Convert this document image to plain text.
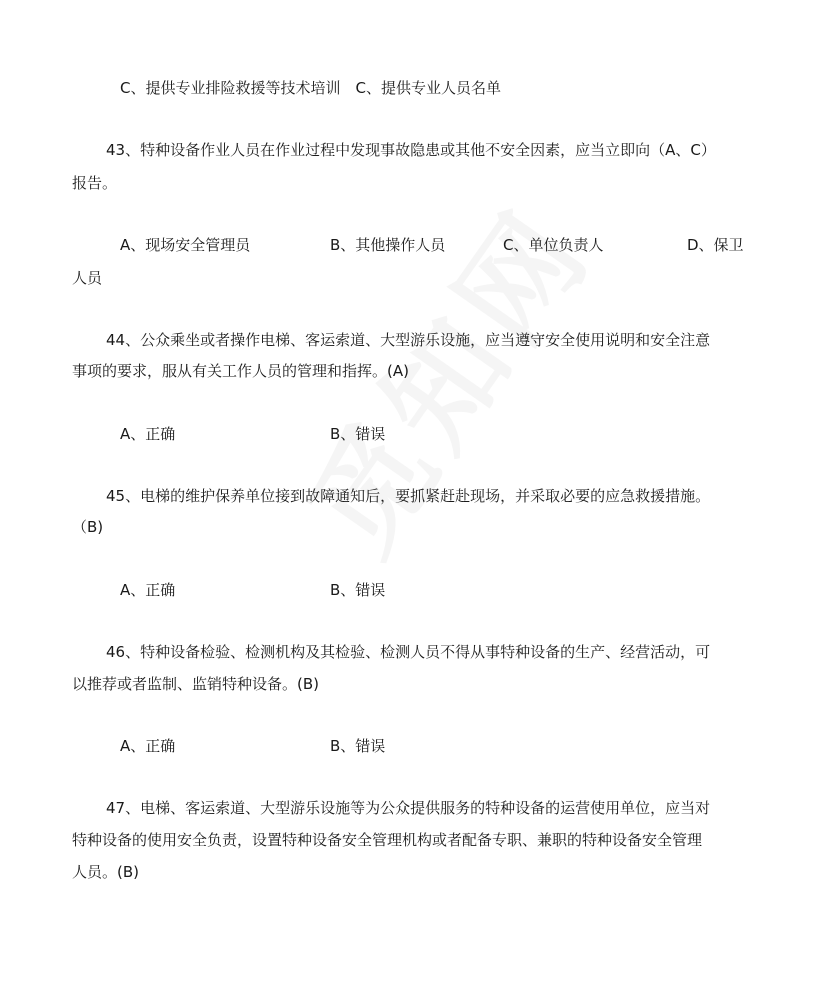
C、提供专业排险救援等技术培训　C、提供专业人员名单
43、特种设备作业人员在作业过程中发现事故隐患或其他不安全因素，应当立即向（A、C）
报告。
A、现场安全管理员	B、其他操作人员	C、单位负责人	D、保卫
人员
44、公众乘坐或者操作电梯、客运索道、大型游乐设施，应当遵守安全使用说明和安全注意
事项的要求，服从有关工作人员的管理和指挥。(A)
A、正确	B、错误
45、电梯的维护保养单位接到故障通知后，要抓紧赶赴现场，并采取必要的应急救援措施。
（B)
A、正确	B、错误
46、特种设备检验、检测机构及其检验、检测人员不得从事特种设备的生产、经营活动，可
以推荐或者监制、监销特种设备。(B)
A、正确	B、错误
47、电梯、客运索道、大型游乐设施等为公众提供服务的特种设备的运营使用单位，应当对
特种设备的使用安全负责，设置特种设备安全管理机构或者配备专职、兼职的特种设备安全管理
人员。(B)
